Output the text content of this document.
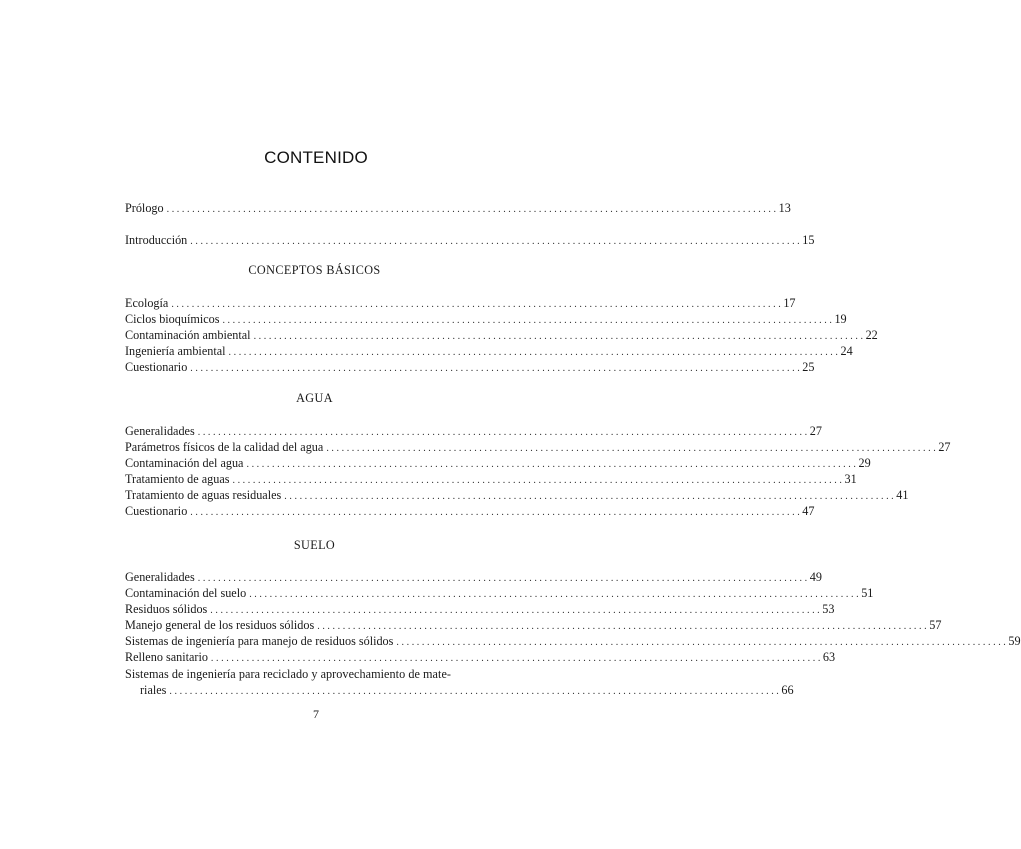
CONTENIDO
Prólogo ........................................................................................................................ 13
Introducción ........................................................................................................................ 15
CONCEPTOS BÁSICOS
Ecología ........................................................................................................................ 17
Ciclos bioquímicos ........................................................................................................................ 19
Contaminación ambiental ........................................................................................................................ 22
Ingeniería ambiental ........................................................................................................................ 24
Cuestionario ........................................................................................................................ 25
AGUA
Generalidades ........................................................................................................................ 27
Parámetros físicos de la calidad del agua ........................................................................................................................ 27
Contaminación del agua ........................................................................................................................ 29
Tratamiento de aguas ........................................................................................................................ 31
Tratamiento de aguas residuales ........................................................................................................................ 41
Cuestionario ........................................................................................................................ 47
SUELO
Generalidades ........................................................................................................................ 49
Contaminación del suelo ........................................................................................................................ 51
Residuos sólidos ........................................................................................................................ 53
Manejo general de los residuos sólidos ........................................................................................................................ 57
Sistemas de ingeniería para manejo de residuos sólidos ........................................................................................................................ 59
Relleno sanitario ........................................................................................................................ 63
Sistemas de ingeniería para reciclado y aprovechamiento de mate-
riales ........................................................................................................................ 66
7
